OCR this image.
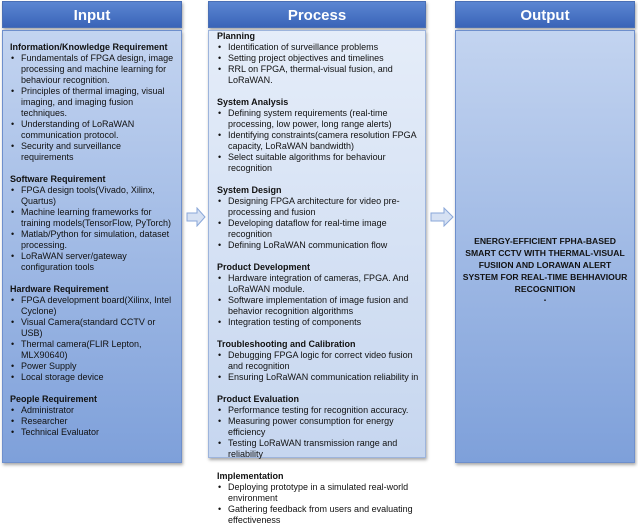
Input	Process	Output
Information/Knowledge Requirement
• Fundamentals of FPGA design, image processing and machine learning for behaviour recognition.
• Principles of thermal imaging, visual imaging, and imaging fusion techniques.
• Understanding of LoRaWAN communication protocol.
• Security and surveillance requirements
Software Requirement
• FPGA design tools(Vivado, Xilinx, Quartus)
• Machine learning frameworks for training models(TensorFlow, PyTorch)
• Matlab/Python for simulation, dataset processing.
• LoRaWAN server/gateway configuration tools
Hardware Requirement
• FPGA development board(Xilinx, Intel Cyclone)
• Visual Camera(standard CCTV or USB)
• Thermal camera(FLIR Lepton, MLX90640)
• Power Supply
• Local storage device
People Requirement
• Administrator
• Researcher
• Technical Evaluator
Planning
• Identification of surveillance problems
• Setting project objectives and timelines
• RRL on FPGA, thermal-visual fusion, and LoRaWAN.
System Analysis
• Defining system requirements (real-time processing, low power, long range alerts)
• Identifying constraints(camera resolution FPGA capacity, LoRaWAN bandwidth)
• Select suitable algorithms for behaviour recognition
System Design
• Designing FPGA architecture for video pre-processing and fusion
• Developing dataflow for real-time image recognition
• Defining LoRaWAN communication flow
Product Development
• Hardware integration of cameras, FPGA. And LoRaWAN module.
• Software implementation of image fusion and behavior recognition algorithms
• Integration testing of components
Troubleshooting and Calibration
• Debugging FPGA logic for correct video fusion and recognition
• Ensuring LoRaWAN communication reliability in
Product Evaluation
• Performance testing for recognition accuracy.
• Measuring power consumption for energy efficiency
• Testing LoRaWAN transmission range and reliability
Implementation
• Deploying prototype in a simulated real-world environment
• Gathering feedback from users and evaluating effectiveness
ENERGY-EFFICIENT FPHA-BASED SMART CCTV WITH THERMAL-VISUAL FUSIION AND LORAWAN ALERT SYSTEM FOR REAL-TIME BEHHAVIOUR RECOGNITION
.
